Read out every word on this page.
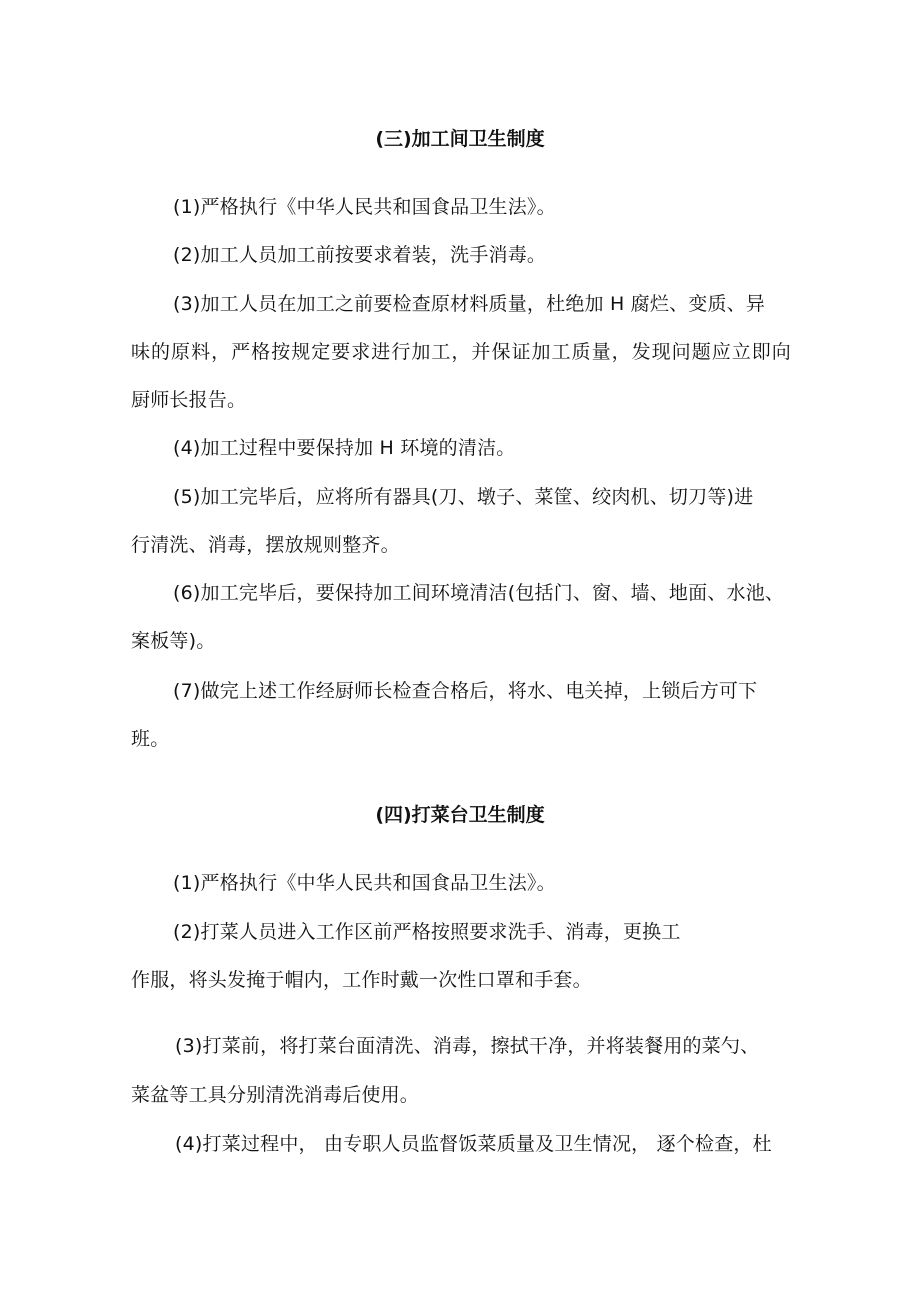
(三)加工间卫生制度
(1)严格执行《中华人民共和国食品卫生法》。
(2)加工人员加工前按要求着装，洗手消毒。
(3)加工人员在加工之前要检查原材料质量，杜绝加 H 腐烂、变质、异
味的原料，严格按规定要求进行加工，并保证加工质量，发现问题应立即向
厨师长报告。
(4)加工过程中要保持加 H 环境的清洁。
(5)加工完毕后，应将所有器具(刀、墩子、菜筐、绞肉机、切刀等)进
行清洗、消毒，摆放规则整齐。
(6)加工完毕后，要保持加工间环境清洁(包括门、窗、墙、地面、水池、
案板等)。
(7)做完上述工作经厨师长检查合格后，将水、电关掉，上锁后方可下
班。
(四)打菜台卫生制度
(1)严格执行《中华人民共和国食品卫生法》。
(2)打菜人员进入工作区前严格按照要求洗手、消毒，更换工
作服，将头发掩于帽内，工作时戴一次性口罩和手套。
(3)打菜前，将打菜台面清洗、消毒，擦拭干净，并将装餐用的菜勺、
菜盆等工具分别清洗消毒后使用。
(4)打菜过程中， 由专职人员监督饭菜质量及卫生情况， 逐个检查，杜
